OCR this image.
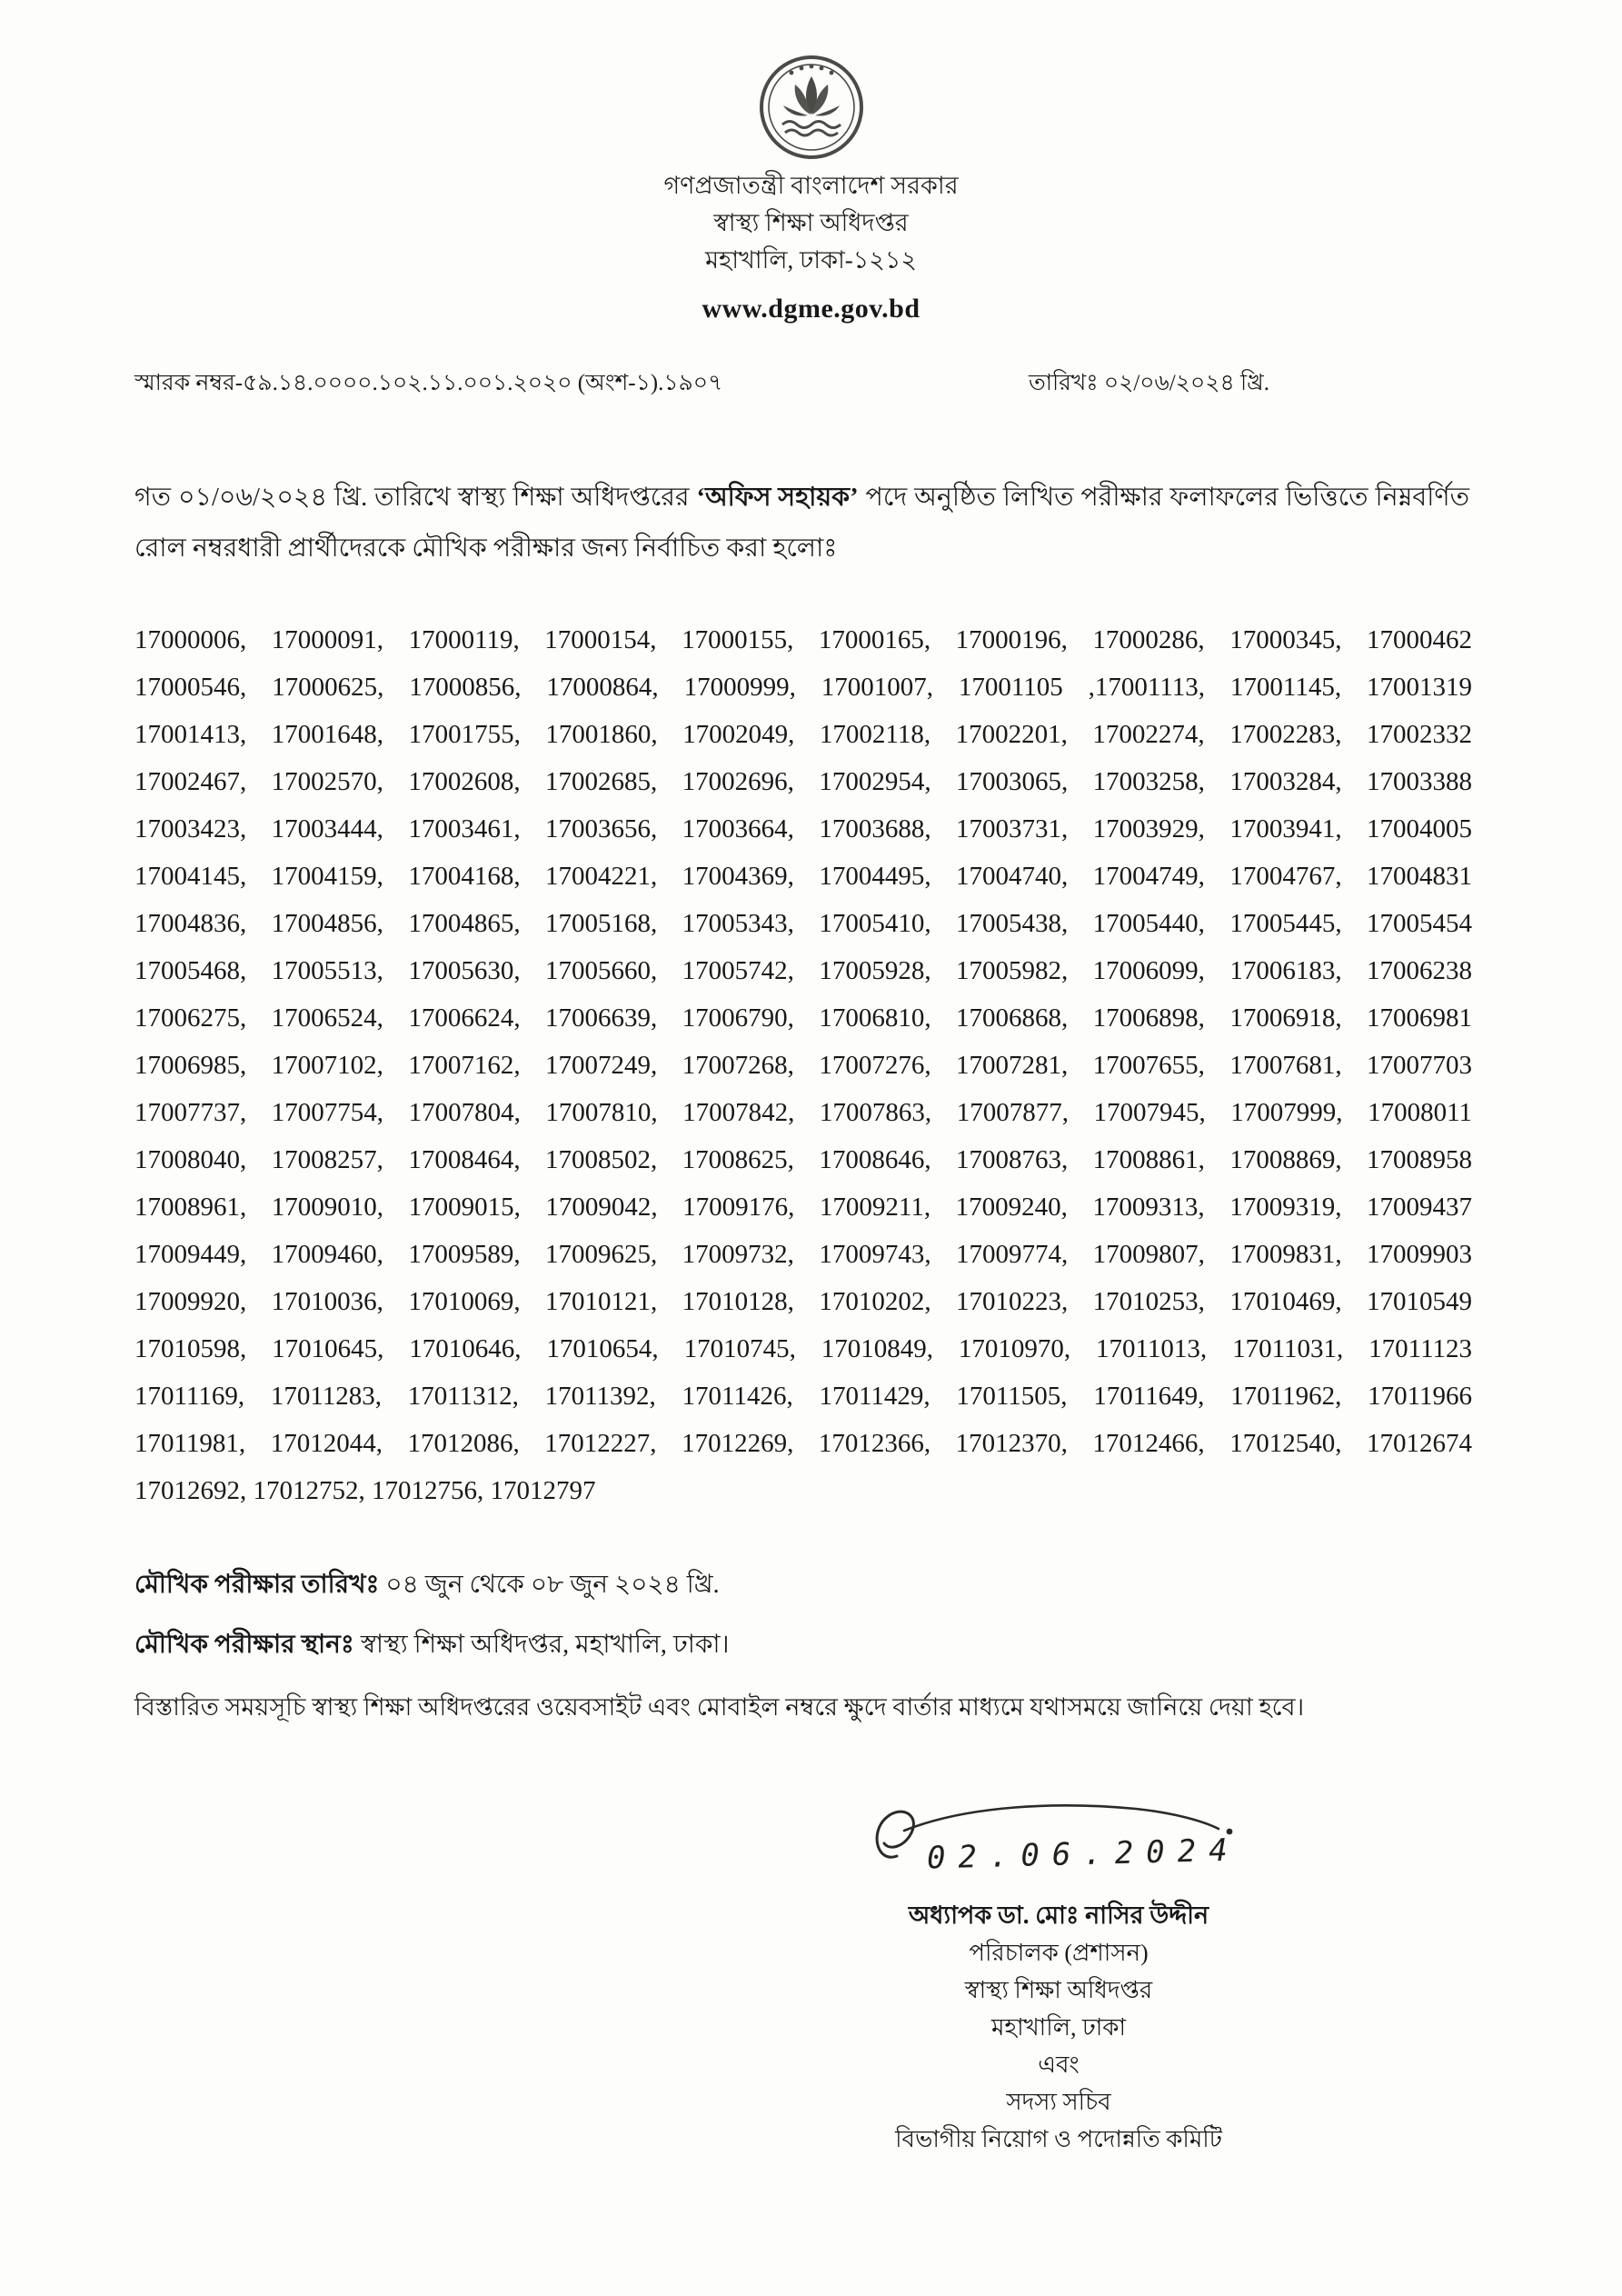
গণপ্রজাতন্ত্রী বাংলাদেশ সরকার
স্বাস্থ্য শিক্ষা অধিদপ্তর
মহাখালি, ঢাকা-১২১২
www.dgme.gov.bd
স্মারক নম্বর-৫৯.১৪.০০০০.১০২.১১.০০১.২০২০ (অংশ-১).১৯০৭	তারিখঃ ০২/০৬/২০২৪ খ্রি.

গত ০১/০৬/২০২৪ খ্রি. তারিখে স্বাস্থ্য শিক্ষা অধিদপ্তরের ‘অফিস সহায়ক’ পদে অনুষ্ঠিত লিখিত পরীক্ষার ফলাফলের ভিত্তিতে নিম্নবর্ণিত রোল নম্বরধারী প্রার্থীদেরকে মৌখিক পরীক্ষার জন্য নির্বাচিত করা হলোঃ

17000006, 17000091, 17000119, 17000154, 17000155, 17000165, 17000196, 17000286, 17000345, 17000462
17000546, 17000625, 17000856, 17000864, 17000999, 17001007, 17001105 ,17001113, 17001145, 17001319
17001413, 17001648, 17001755, 17001860, 17002049, 17002118, 17002201, 17002274, 17002283, 17002332
17002467, 17002570, 17002608, 17002685, 17002696, 17002954, 17003065, 17003258, 17003284, 17003388
17003423, 17003444, 17003461, 17003656, 17003664, 17003688, 17003731, 17003929, 17003941, 17004005
17004145, 17004159, 17004168, 17004221, 17004369, 17004495, 17004740, 17004749, 17004767, 17004831
17004836, 17004856, 17004865, 17005168, 17005343, 17005410, 17005438, 17005440, 17005445, 17005454
17005468, 17005513, 17005630, 17005660, 17005742, 17005928, 17005982, 17006099, 17006183, 17006238
17006275, 17006524, 17006624, 17006639, 17006790, 17006810, 17006868, 17006898, 17006918, 17006981
17006985, 17007102, 17007162, 17007249, 17007268, 17007276, 17007281, 17007655, 17007681, 17007703
17007737, 17007754, 17007804, 17007810, 17007842, 17007863, 17007877, 17007945, 17007999, 17008011
17008040, 17008257, 17008464, 17008502, 17008625, 17008646, 17008763, 17008861, 17008869, 17008958
17008961, 17009010, 17009015, 17009042, 17009176, 17009211, 17009240, 17009313, 17009319, 17009437
17009449, 17009460, 17009589, 17009625, 17009732, 17009743, 17009774, 17009807, 17009831, 17009903
17009920, 17010036, 17010069, 17010121, 17010128, 17010202, 17010223, 17010253, 17010469, 17010549
17010598, 17010645, 17010646, 17010654, 17010745, 17010849, 17010970, 17011013, 17011031, 17011123
17011169, 17011283, 17011312, 17011392, 17011426, 17011429, 17011505, 17011649, 17011962, 17011966
17011981, 17012044, 17012086, 17012227, 17012269, 17012366, 17012370, 17012466, 17012540, 17012674
17012692, 17012752, 17012756, 17012797
মৌখিক পরীক্ষার তারিখঃ ০৪ জুন থেকে ০৮ জুন ২০২৪ খ্রি.
মৌখিক পরীক্ষার স্থানঃ স্বাস্থ্য শিক্ষা অধিদপ্তর, মহাখালি, ঢাকা।
বিস্তারিত সময়সূচি স্বাস্থ্য শিক্ষা অধিদপ্তরের ওয়েবসাইট এবং মোবাইল নম্বরে ক্ষুদে বার্তার মাধ্যমে যথাসময়ে জানিয়ে দেয়া হবে।
02.06.2024
অধ্যাপক ডা. মোঃ নাসির উদ্দীন
পরিচালক (প্রশাসন)
স্বাস্থ্য শিক্ষা অধিদপ্তর
মহাখালি, ঢাকা
এবং
সদস্য সচিব
বিভাগীয় নিয়োগ ও পদোন্নতি কমিটি
